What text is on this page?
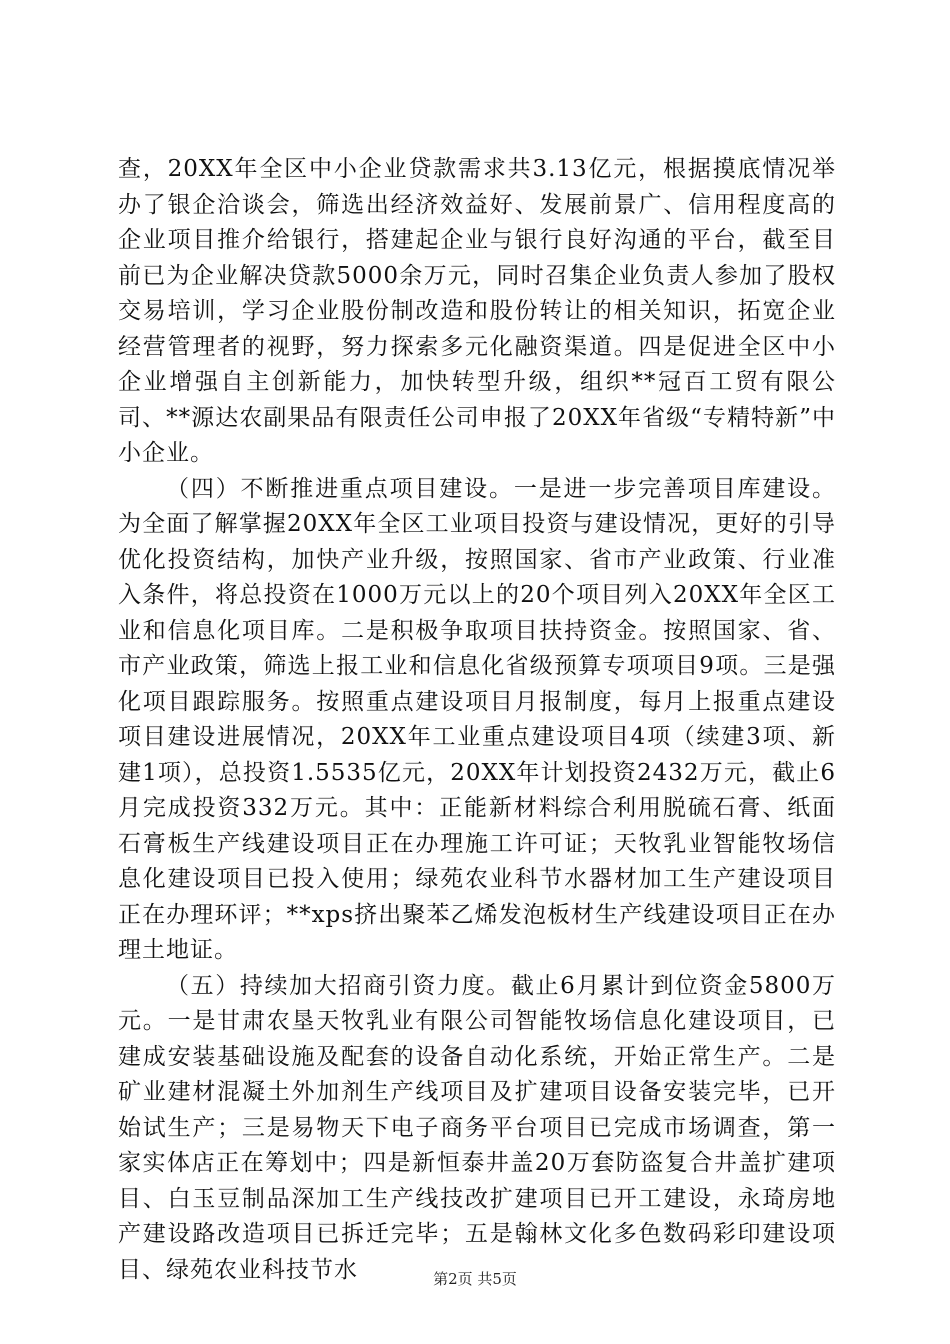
查，20XX年全区中小企业贷款需求共3.13亿元，根据摸底情况举办了银企洽谈会，筛选出经济效益好、发展前景广、信用程度高的企业项目推介给银行，搭建起企业与银行良好沟通的平台，截至目前已为企业解决贷款5000余万元，同时召集企业负责人参加了股权交易培训，学习企业股份制改造和股份转让的相关知识，拓宽企业经营管理者的视野，努力探索多元化融资渠道。四是促进全区中小企业增强自主创新能力，加快转型升级，组织**冠百工贸有限公司、**源达农副果品有限责任公司申报了20XX年省级“专精特新”中小企业。

（四）不断推进重点项目建设。一是进一步完善项目库建设。为全面了解掌握20XX年全区工业项目投资与建设情况，更好的引导优化投资结构，加快产业升级，按照国家、省市产业政策、行业准入条件，将总投资在1000万元以上的20个项目列入20XX年全区工业和信息化项目库。二是积极争取项目扶持资金。按照国家、省、市产业政策，筛选上报工业和信息化省级预算专项项目9项。三是强化项目跟踪服务。按照重点建设项目月报制度，每月上报重点建设项目建设进展情况，20XX年工业重点建设项目4项（续建3项、新建1项），总投资1.5535亿元，20XX年计划投资2432万元，截止6月完成投资332万元。其中：正能新材料综合利用脱硫石膏、纸面石膏板生产线建设项目正在办理施工许可证；天牧乳业智能牧场信息化建设项目已投入使用；绿苑农业科节水器材加工生产建设项目正在办理环评；**xps挤出聚苯乙烯发泡板材生产线建设项目正在办理土地证。

（五）持续加大招商引资力度。截止6月累计到位资金5800万元。一是甘肃农垦天牧乳业有限公司智能牧场信息化建设项目，已建成安装基础设施及配套的设备自动化系统，开始正常生产。二是矿业建材混凝土外加剂生产线项目及扩建项目设备安装完毕，已开始试生产；三是易物天下电子商务平台项目已完成市场调查，第一家实体店正在筹划中；四是新恒泰井盖20万套防盗复合井盖扩建项目、白玉豆制品深加工生产线技改扩建项目已开工建设，永琦房地产建设路改造项目已拆迁完毕；五是翰林文化多色数码彩印建设项目、绿苑农业科技节水	第2页 共5页
